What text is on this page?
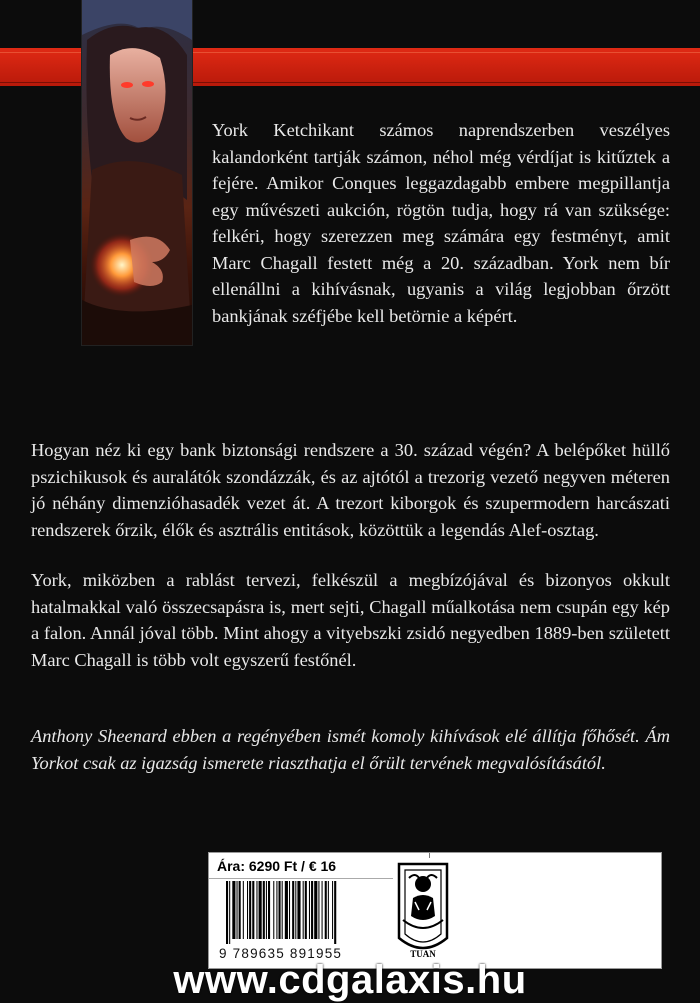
York Ketchikant számos naprendszerben veszélyes kalandorként tartják számon, néhol még vérdíjat is kitűztek a fejére. Amikor Conques leggazdagabb embere megpillantja egy művészeti aukción, rögtön tudja, hogy rá van szüksége: felkéri, hogy szerezzen meg számára egy festményt, amit Marc Chagall festett még a 20. században. York nem bír ellenállni a kihívásnak, ugyanis a világ legjobban őrzött bankjának széfjébe kell betörnie a képért.

Hogyan néz ki egy bank biztonsági rendszere a 30. század végén? A belépőket hüllő pszichikusok és auralátók szondázzák, és az ajtótól a trezorig vezető negyven méteren jó néhány dimenzióhasadék vezet át. A trezort kiborgok és szupermodern harcászati rendszerek őrzik, élők és asztrális entitások, közöttük a legendás Alef-osztag.

York, miközben a rablást tervezi, felkészül a megbízójával és bizonyos okkult hatalmakkal való összecsapásra is, mert sejti, Chagall műalkotása nem csupán egy kép a falon. Annál jóval több. Mint ahogy a vityebszki zsidó negyedben 1889-ben született Marc Chagall is több volt egyszerű festőnél.

Anthony Sheenard ebben a regényében ismét komoly kihívások elé állítja főhősét. Ám Yorkot csak az igazság ismerete riaszthatja el őrült tervének megvalósításától.

Ára: 6290 Ft / € 16
9 789635 891955	TUAN
www.cdgalaxis.hu
